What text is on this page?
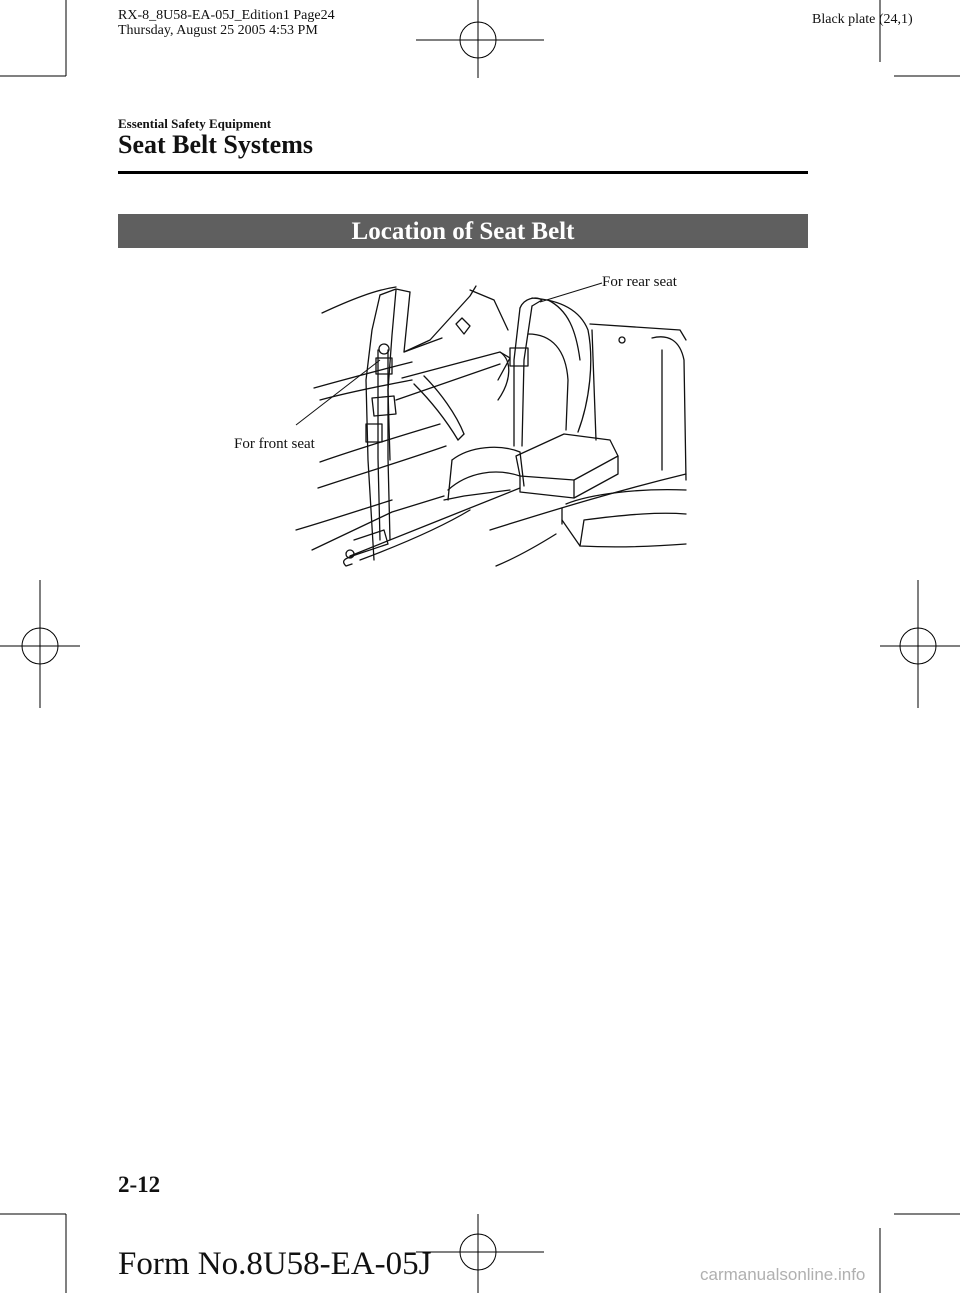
RX-8_8U58-EA-05J_Edition1 Page24
Thursday, August 25 2005 4:53 PM
Black plate (24,1)
Essential Safety Equipment
Seat Belt Systems
Location of Seat Belt
For rear seat
For front seat
2-12
Form No.8U58-EA-05J	carmanualsonline.info
